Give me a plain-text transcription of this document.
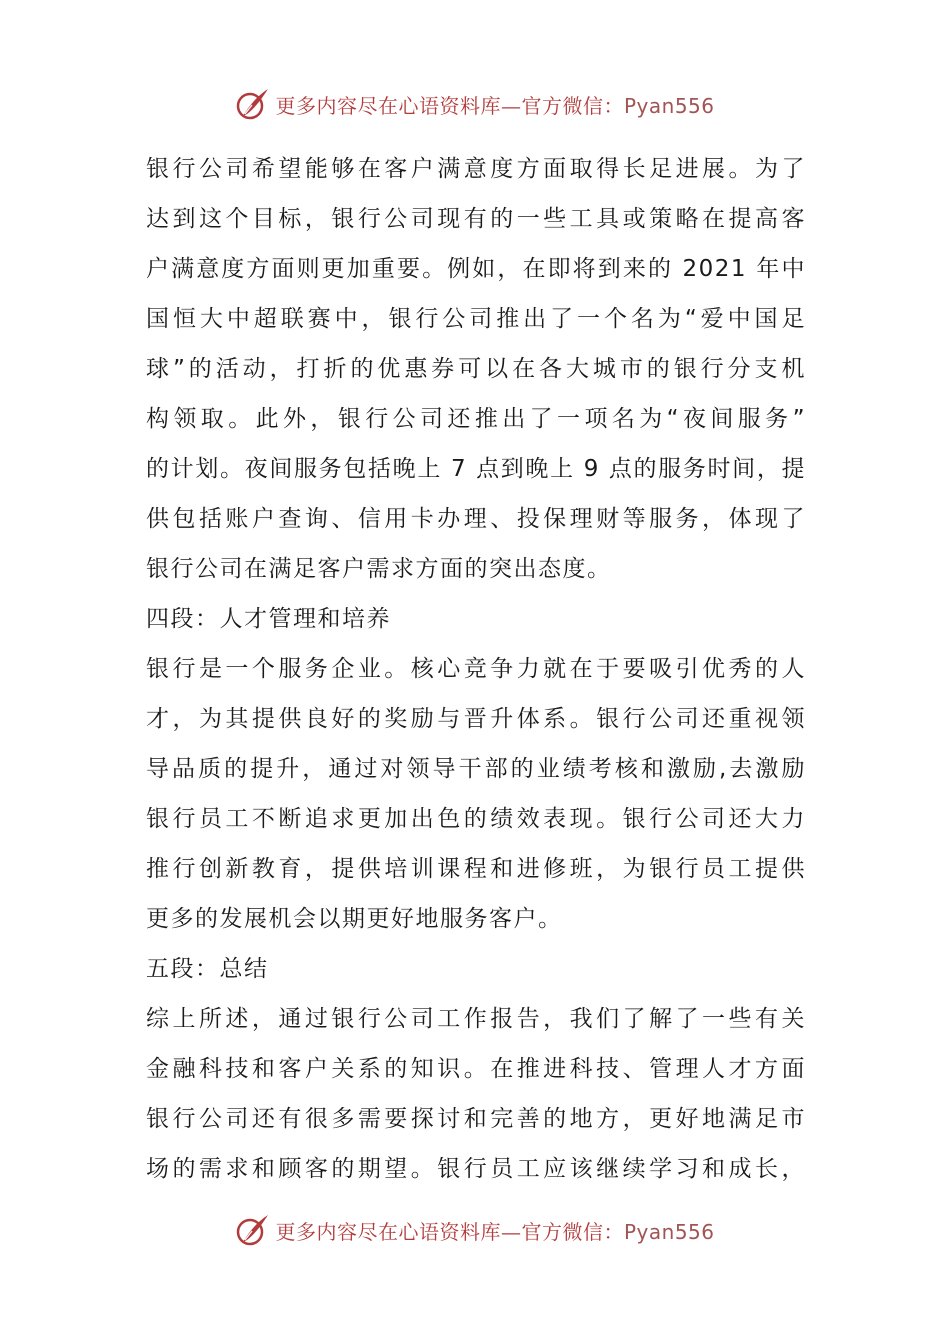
更多内容尽在心语资料库—官方微信：Pyan556
银行公司希望能够在客户满意度方面取得长足进展。为了
达到这个目标，银行公司现有的一些工具或策略在提高客
户满意度方面则更加重要。例如，在即将到来的 2021 年中
国恒大中超联赛中，银行公司推出了一个名为“爱中国足
球”的活动，打折的优惠券可以在各大城市的银行分支机
构领取。此外，银行公司还推出了一项名为“夜间服务”
的计划。夜间服务包括晚上 7 点到晚上 9 点的服务时间，提
供包括账户查询、信用卡办理、投保理财等服务，体现了
银行公司在满足客户需求方面的突出态度。
四段：人才管理和培养
银行是一个服务企业。核心竞争力就在于要吸引优秀的人
才，为其提供良好的奖励与晋升体系。银行公司还重视领
导品质的提升，通过对领导干部的业绩考核和激励,去激励
银行员工不断追求更加出色的绩效表现。银行公司还大力
推行创新教育，提供培训课程和进修班，为银行员工提供
更多的发展机会以期更好地服务客户。
五段：总结
综上所述，通过银行公司工作报告，我们了解了一些有关
金融科技和客户关系的知识。在推进科技、管理人才方面
银行公司还有很多需要探讨和完善的地方，更好地满足市
场的需求和顾客的期望。银行员工应该继续学习和成长，
更多内容尽在心语资料库—官方微信：Pyan556
